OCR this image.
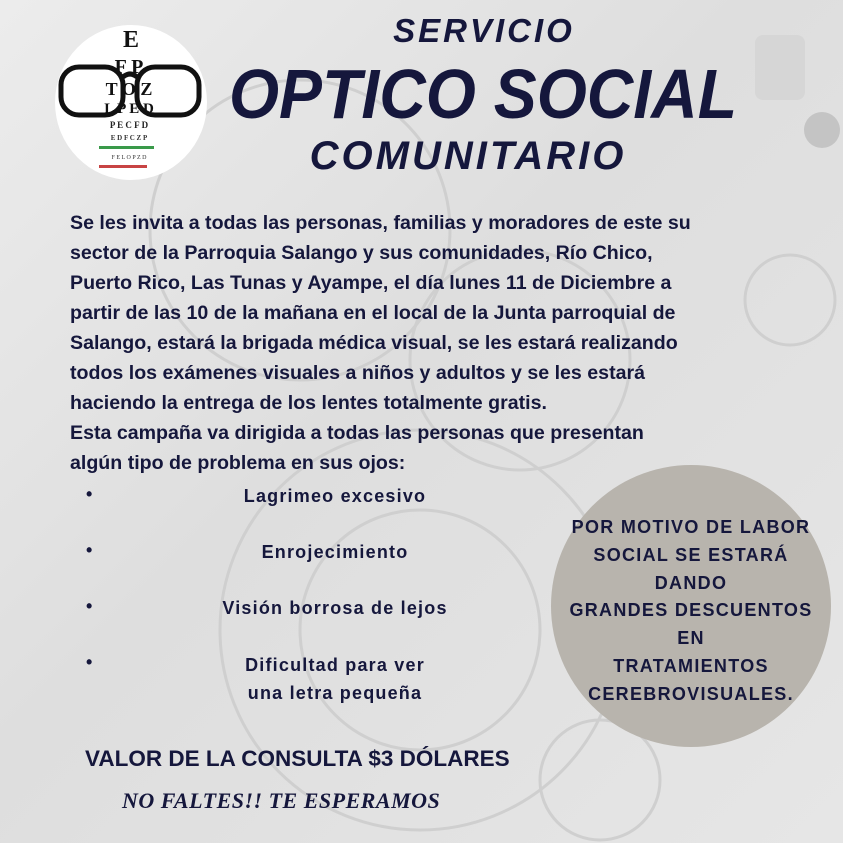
E
F P
T O Z
L P E D
P E C F D
E D F C Z P
F E L O P Z D
SERVICIO
OPTICO SOCIAL
COMUNITARIO
Se les invita a todas las personas, familias y moradores de este su
sector de la Parroquia Salango y sus comunidades, Río Chico,
Puerto Rico, Las Tunas y Ayampe, el día lunes 11 de Diciembre a
partir de las 10 de la mañana en el local de la Junta parroquial de
Salango, estará la brigada médica visual, se les estará realizando
todos los exámenes visuales a niños y adultos y se les estará
haciendo la entrega de los lentes totalmente gratis.
Esta campaña va dirigida a todas las personas que presentan
algún tipo de problema en sus ojos:
•	Lagrimeo excesivo
•	Enrojecimiento
•	Visión borrosa de lejos
•	Dificultad para ver
una letra pequeña
POR MOTIVO DE LABOR
SOCIAL SE ESTARÁ
DANDO
GRANDES DESCUENTOS
EN
TRATAMIENTOS
CEREBROVISUALES.
VALOR DE LA CONSULTA $3 DÓLARES
NO FALTES!! TE ESPERAMOS
